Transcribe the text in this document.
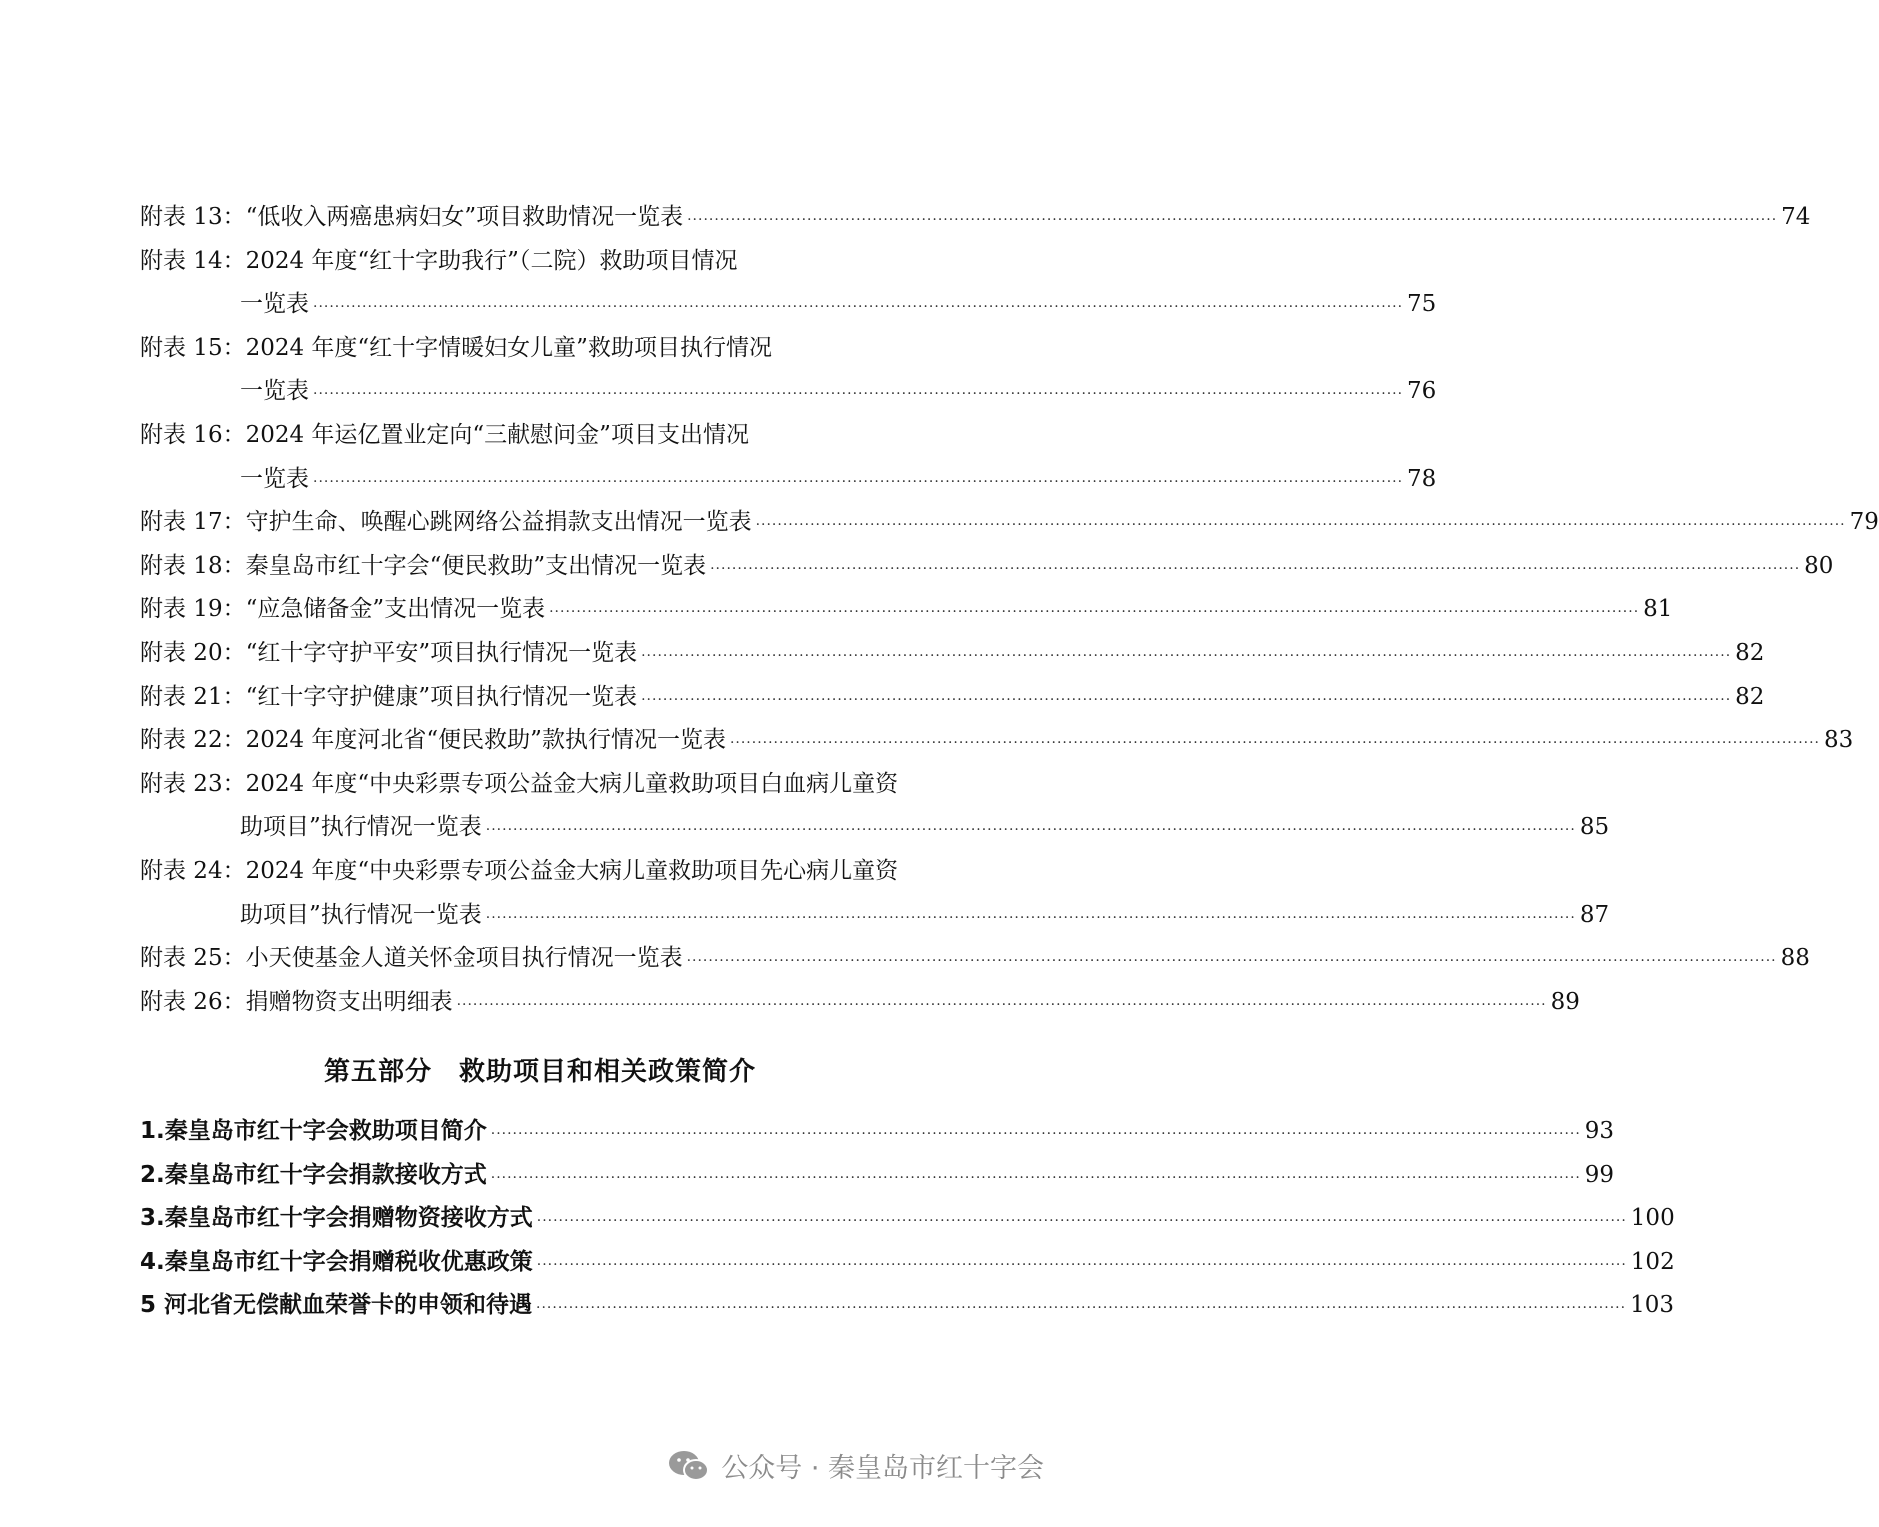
附表 13：“低收入两癌患病妇女”项目救助情况一览表 ········································································································································································································ 74
附表 14：2024 年度“红十字助我行”（二院）救助项目情况
一览表 ········································································································································································································ 75
附表 15：2024 年度“红十字情暖妇女儿童”救助项目执行情况
一览表 ········································································································································································································ 76
附表 16：2024 年运亿置业定向“三献慰问金”项目支出情况
一览表 ········································································································································································································ 78
附表 17：守护生命、唤醒心跳网络公益捐款支出情况一览表 ········································································································································································································ 79
附表 18：秦皇岛市红十字会“便民救助”支出情况一览表 ········································································································································································································ 80
附表 19：“应急储备金”支出情况一览表 ········································································································································································································ 81
附表 20：“红十字守护平安”项目执行情况一览表 ········································································································································································································ 82
附表 21：“红十字守护健康”项目执行情况一览表 ········································································································································································································ 82
附表 22：2024 年度河北省“便民救助”款执行情况一览表 ········································································································································································································ 83
附表 23：2024 年度“中央彩票专项公益金大病儿童救助项目白血病儿童资
助项目”执行情况一览表 ········································································································································································································ 85
附表 24：2024 年度“中央彩票专项公益金大病儿童救助项目先心病儿童资
助项目”执行情况一览表 ········································································································································································································ 87
附表 25：小天使基金人道关怀金项目执行情况一览表 ········································································································································································································ 88
附表 26：捐赠物资支出明细表 ········································································································································································································ 89
第五部分　救助项目和相关政策简介
1.秦皇岛市红十字会救助项目简介 ········································································································································································································ 93
2.秦皇岛市红十字会捐款接收方式 ········································································································································································································ 99
3.秦皇岛市红十字会捐赠物资接收方式 ········································································································································································································ 100
4.秦皇岛市红十字会捐赠税收优惠政策 ········································································································································································································ 102
5 河北省无偿献血荣誉卡的申领和待遇 ········································································································································································································ 103
公众号 · 秦皇岛市红十字会
